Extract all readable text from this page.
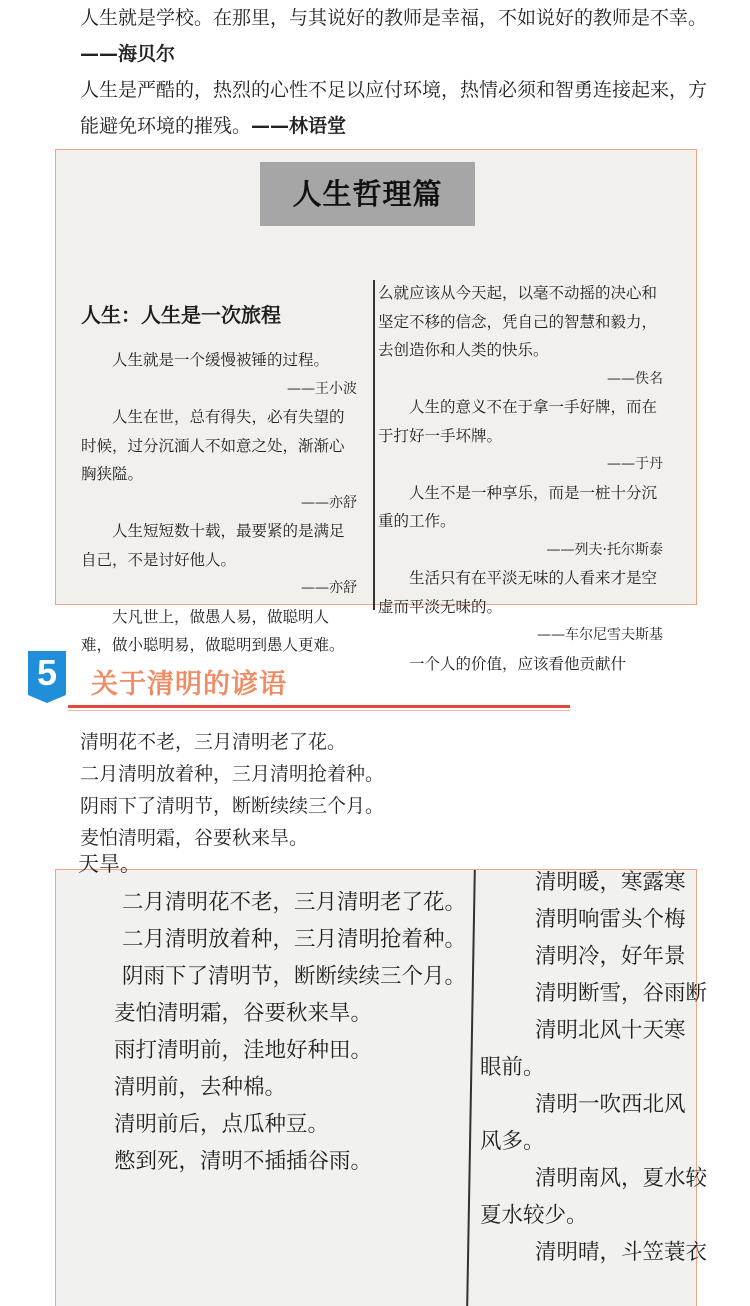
人生就是学校。在那里，与其说好的教师是幸福，不如说好的教师是不幸。——海贝尔

人生是严酷的，热烈的心性不足以应付环境，热情必须和智勇连接起来，方能避免环境的摧残。——林语堂

人生哲理篇
人生：人生是一次旅程

人生就是一个缓慢被锤的过程。

——王小波

人生在世，总有得失，必有失望的时候，过分沉湎人不如意之处，渐渐心胸狭隘。

——亦舒

人生短短数十载，最要紧的是满足自己，不是讨好他人。

——亦舒

大凡世上，做愚人易，做聪明人难，做小聪明易，做聪明到愚人更难。

么就应该从今天起，以毫不动摇的决心和坚定不移的信念，凭自己的智慧和毅力，去创造你和人类的快乐。

——佚名

人生的意义不在于拿一手好牌，而在于打好一手坏牌。

——于丹

人生不是一种享乐，而是一桩十分沉重的工作。

——列夫·托尔斯泰

生活只有在平淡无味的人看来才是空虚而平淡无味的。

——车尔尼雪夫斯基

一个人的价值，应该看他贡献什

5	关于清明的谚语

清明花不老，三月清明老了花。

二月清明放着种，三月清明抢着种。

阴雨下了清明节，断断续续三个月。

麦怕清明霜，谷要秋来旱。

天旱。

二月清明花不老，三月清明老了花。

二月清明放着种，三月清明抢着种。

阴雨下了清明节，断断续续三个月。

麦怕清明霜，谷要秋来旱。

雨打清明前，洼地好种田。

清明前，去种棉。

清明前后，点瓜种豆。

憋到死，清明不插插谷雨。

清明暖，寒露寒

清明响雷头个梅

清明冷，好年景

清明断雪，谷雨断

清明北风十天寒

眼前。

清明一吹西北风

风多。

清明南风，夏水较

夏水较少。

清明晴，斗笠蓑衣
